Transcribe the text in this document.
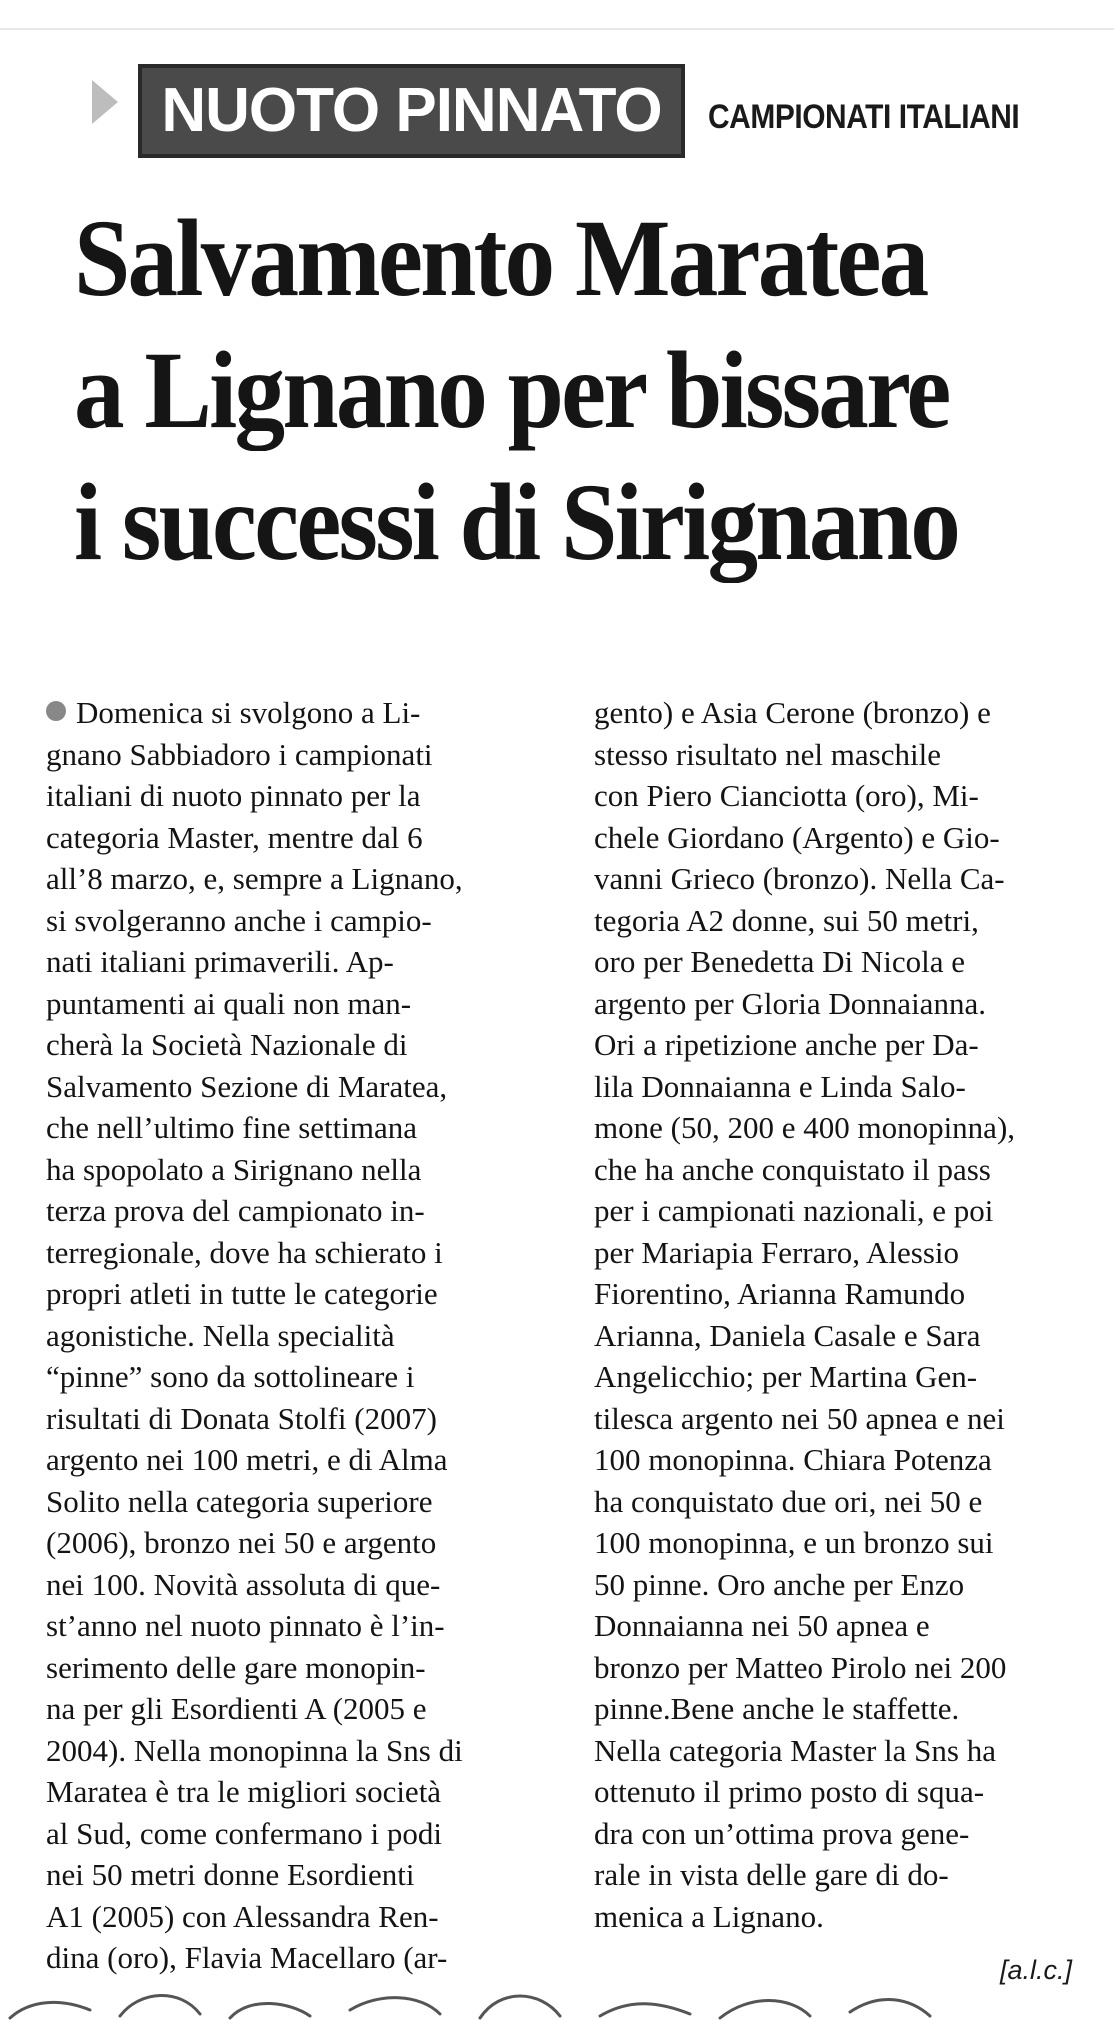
NUOTO PINNATO CAMPIONATI ITALIANI
Salvamento Maratea
a Lignano per bissare
i successi di Sirignano
Domenica si svolgono a Li-
gnano Sabbiadoro i campionati
italiani di nuoto pinnato per la
categoria Master, mentre dal 6
all’8 marzo, e, sempre a Lignano,
si svolgeranno anche i campio-
nati italiani primaverili. Ap-
puntamenti ai quali non man-
cherà la Società Nazionale di
Salvamento Sezione di Maratea,
che nell’ultimo fine settimana
ha spopolato a Sirignano nella
terza prova del campionato in-
terregionale, dove ha schierato i
propri atleti in tutte le categorie
agonistiche. Nella specialità
“pinne” sono da sottolineare i
risultati di Donata Stolfi (2007)
argento nei 100 metri, e di Alma
Solito nella categoria superiore
(2006), bronzo nei 50 e argento
nei 100. Novità assoluta di que-
st’anno nel nuoto pinnato è l’in-
serimento delle gare monopin-
na per gli Esordienti A (2005 e
2004). Nella monopinna la Sns di
Maratea è tra le migliori società
al Sud, come confermano i podi
nei 50 metri donne Esordienti
A1 (2005) con Alessandra Ren-
dina (oro), Flavia Macellaro (ar-
gento) e Asia Cerone (bronzo) e
stesso risultato nel maschile
con Piero Cianciotta (oro), Mi-
chele Giordano (Argento) e Gio-
vanni Grieco (bronzo). Nella Ca-
tegoria A2 donne, sui 50 metri,
oro per Benedetta Di Nicola e
argento per Gloria Donnaianna.
Ori a ripetizione anche per Da-
lila Donnaianna e Linda Salo-
mone (50, 200 e 400 monopinna),
che ha anche conquistato il pass
per i campionati nazionali, e poi
per Mariapia Ferraro, Alessio
Fiorentino, Arianna Ramundo
Arianna, Daniela Casale e Sara
Angelicchio; per Martina Gen-
tilesca argento nei 50 apnea e nei
100 monopinna. Chiara Potenza
ha conquistato due ori, nei 50 e
100 monopinna, e un bronzo sui
50 pinne. Oro anche per Enzo
Donnaianna nei 50 apnea e
bronzo per Matteo Pirolo nei 200
pinne.Bene anche le staffette.
Nella categoria Master la Sns ha
ottenuto il primo posto di squa-
dra con un’ottima prova gene-
rale in vista delle gare di do-
menica a Lignano.
[a.l.c.]
